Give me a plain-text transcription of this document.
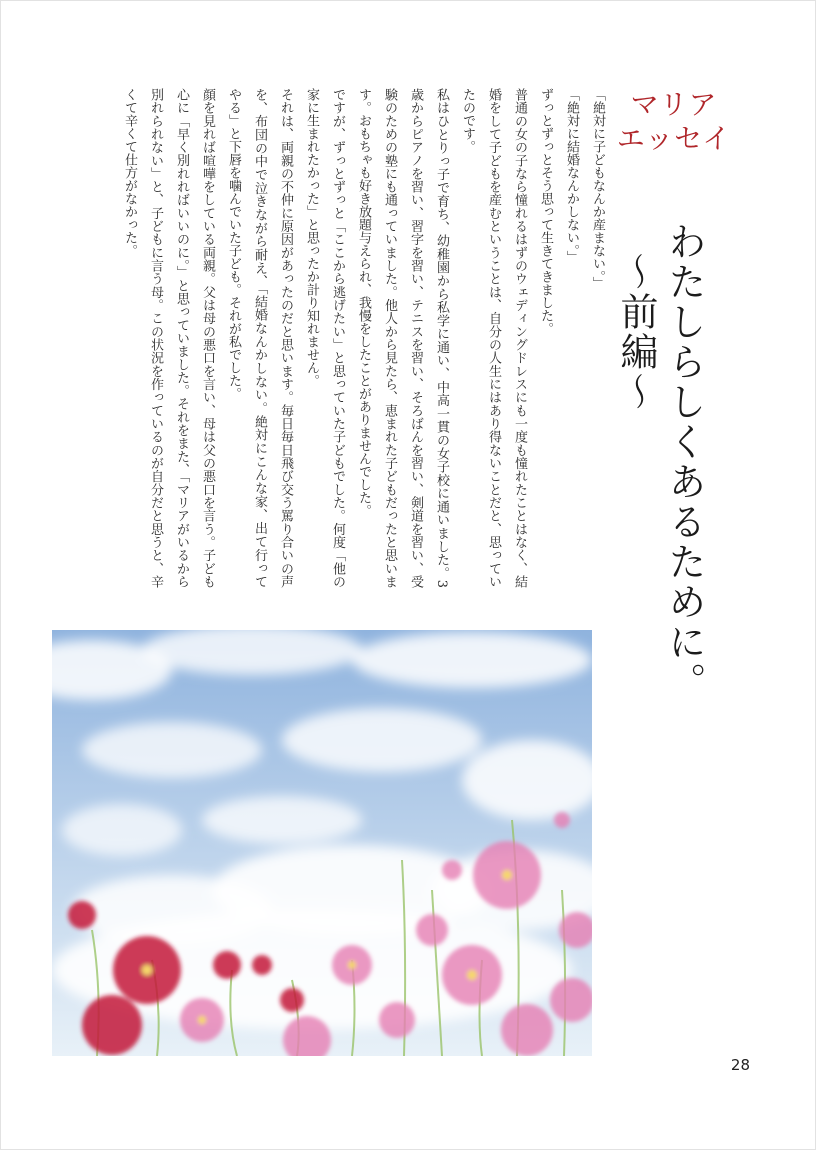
マリア
エッセイ
わたしらしくあるために。
〜前編〜

「絶対に子どもなんか産まない。」

「絶対に結婚なんかしない。」

ずっとずっとそう思って生きてきました。

普通の女の子なら憧れるはずのウェディングドレスにも一度も憧れたことはなく、結婚をして子どもを産むということは、自分の人生にはあり得ないことだと、思っていたのです。

私はひとりっ子で育ち、幼稚園から私学に通い、中高一貫の女子校に通いました。3歳からピアノを習い、習字を習い、テニスを習い、そろばんを習い、剣道を習い、受験のための塾にも通っていました。他人から見たら、恵まれた子どもだったと思います。おもちゃも好き放題与えられ、我慢をしたことがありませんでした。

ですが、ずっとずっと「ここから逃げたい」と思っていた子どもでした。何度「他の家に生まれたかった」と思ったか計り知れません。

それは、両親の不仲に原因があったのだと思います。毎日毎日飛び交う罵り合いの声を、布団の中で泣きながら耐え、「結婚なんかしない。絶対にこんな家、出て行ってやる」と下唇を噛んでいた子ども。それが私でした。

顔を見れば喧嘩をしている両親。父は母の悪口を言い、母は父の悪口を言う。子ども心に「早く別れればいいのに。」と思っていました。それをまた、「マリアがいるから別れられない」と、子どもに言う母。この状況を作っているのが自分だと思うと、辛くて辛くて仕方がなかった。

28
